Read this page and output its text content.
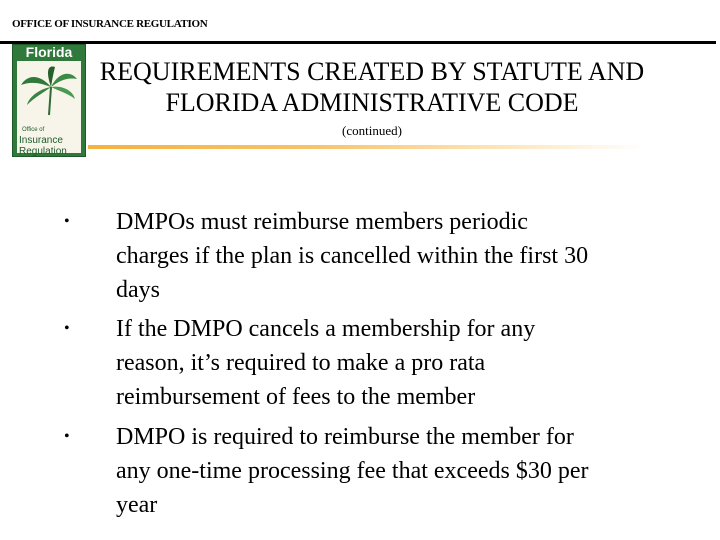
OFFICE OF INSURANCE REGULATION
Florida
Office of
Insurance
Regulation
REQUIREMENTS CREATED BY STATUTE AND
FLORIDA ADMINISTRATIVE CODE
(continued)
• DMPOs must reimburse members periodic
charges if the plan is cancelled within the first 30
days
• If the DMPO cancels a membership for any
reason, it’s required to make a pro rata
reimbursement of fees to the member
• DMPO is required to reimburse the member for
any one-time processing fee that exceeds $30 per
year
